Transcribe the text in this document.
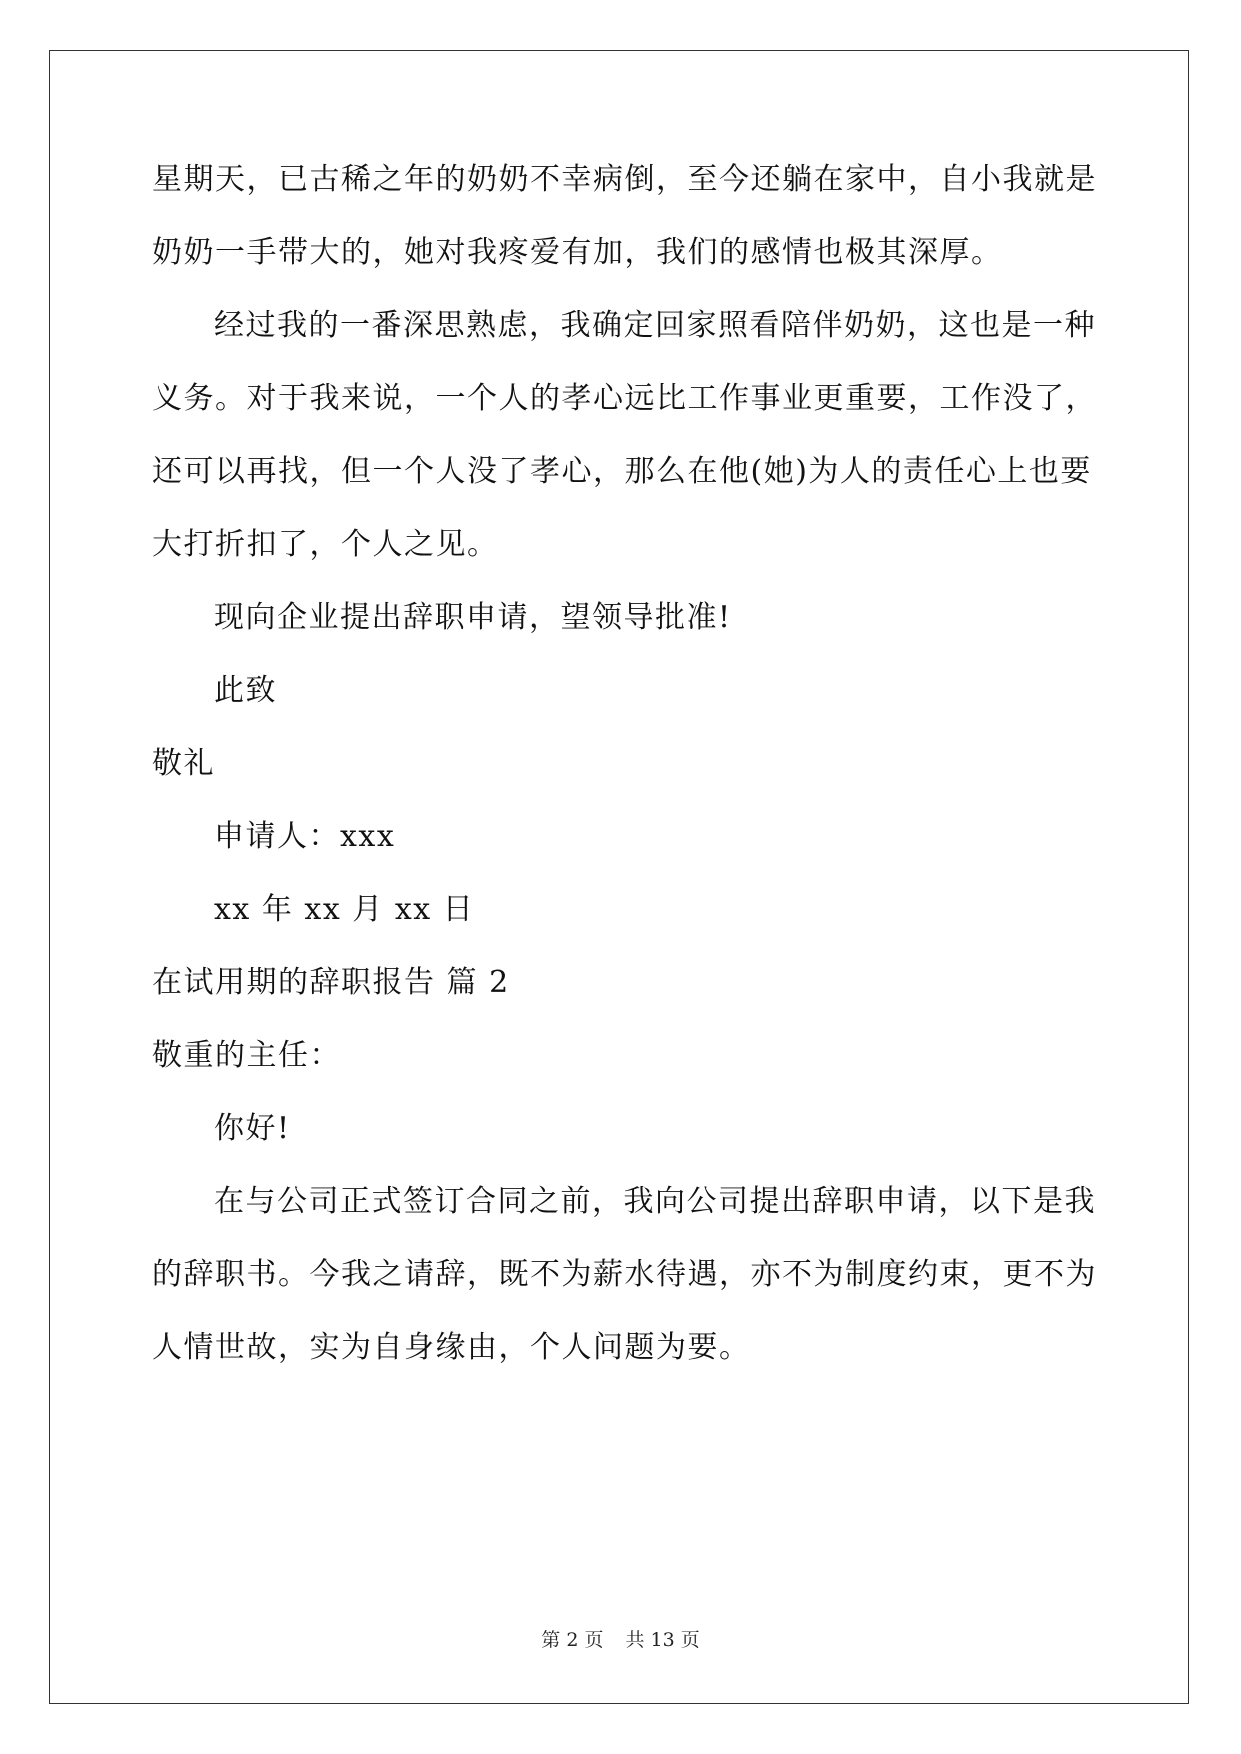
星期天，已古稀之年的奶奶不幸病倒，至今还躺在家中，自小我就是
奶奶一手带大的，她对我疼爱有加，我们的感情也极其深厚。
经过我的一番深思熟虑，我确定回家照看陪伴奶奶，这也是一种
义务。对于我来说，一个人的孝心远比工作事业更重要，工作没了，
还可以再找，但一个人没了孝心，那么在他(她)为人的责任心上也要
大打折扣了，个人之见。
现向企业提出辞职申请，望领导批准!
此致
敬礼
申请人：xxx
xx 年 xx 月 xx 日
在试用期的辞职报告 篇 2
敬重的主任：
你好!
在与公司正式签订合同之前，我向公司提出辞职申请，以下是我
的辞职书。今我之请辞，既不为薪水待遇，亦不为制度约束，更不为
人情世故，实为自身缘由，个人问题为要。
第 2 页 共 13 页
